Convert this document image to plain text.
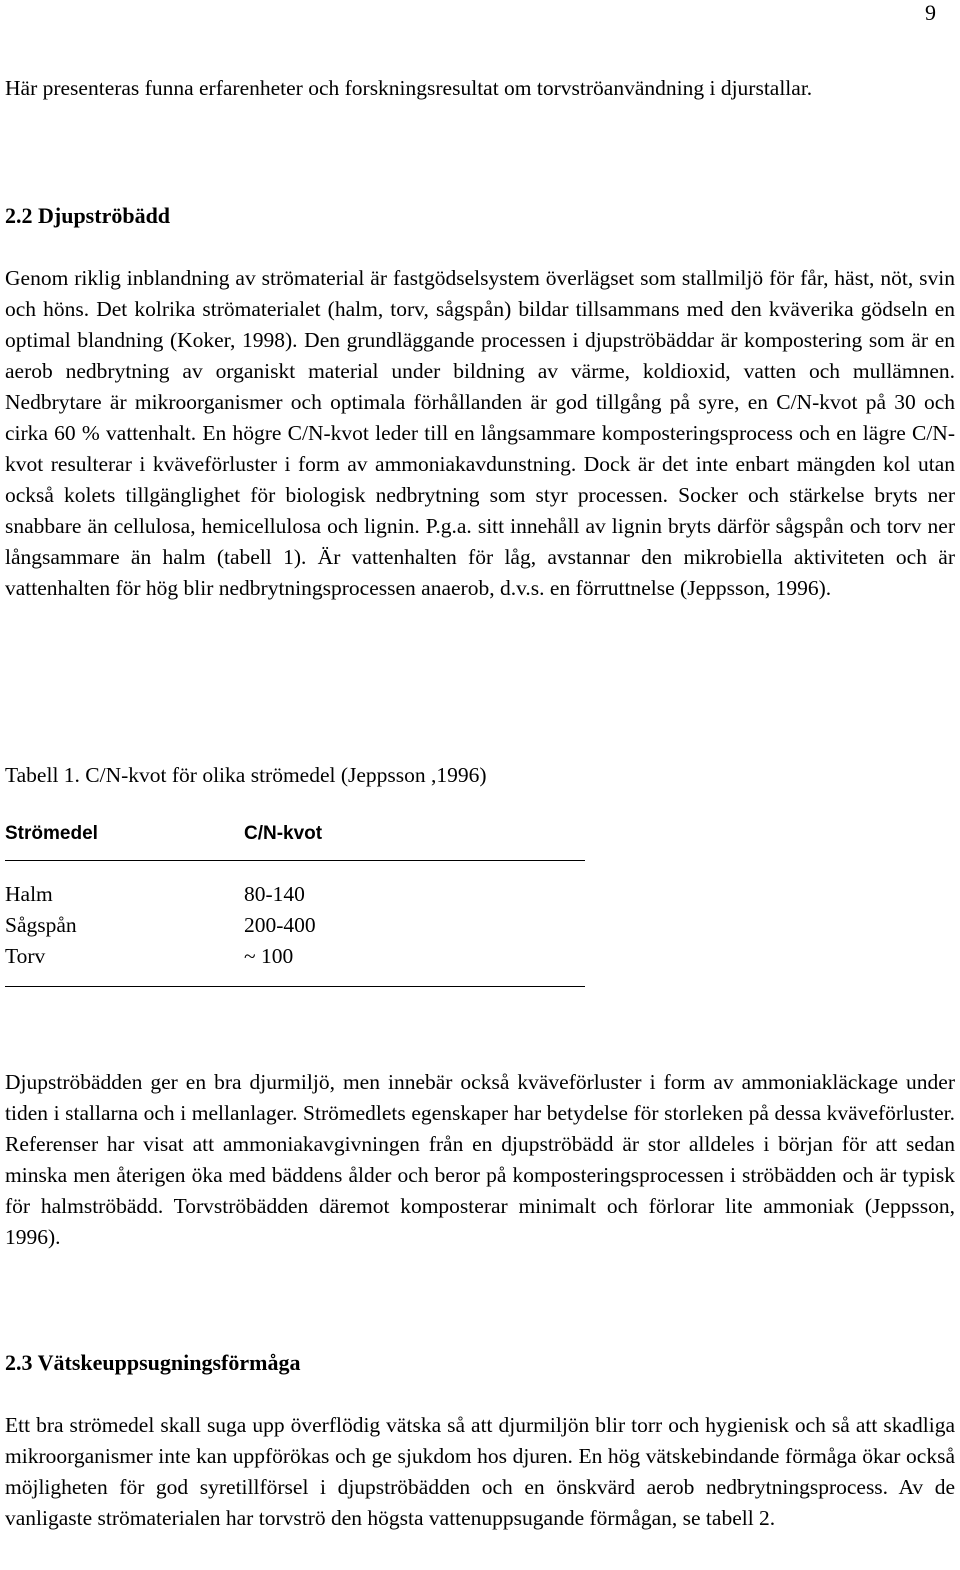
9

Här presenteras funna erfarenheter och forskningsresultat om torvströanvändning i djurstallar.

2.2 Djupströbädd

Genom riklig inblandning av strömaterial är fastgödselsystem överlägset som stallmiljö för får, häst, nöt, svin och höns. Det kolrika strömaterialet (halm, torv, sågspån) bildar tillsammans med den kväverika gödseln en optimal blandning (Koker, 1998). Den grundläggande processen i djupströbäddar är kompostering som är en aerob nedbrytning av organiskt material under bildning av värme, koldioxid, vatten och mullämnen. Nedbrytare är mikroorganismer och optimala förhållanden är god tillgång på syre, en C/N-kvot på 30 och cirka 60 % vattenhalt. En högre C/N-kvot leder till en långsammare komposteringsprocess och en lägre C/N-kvot resulterar i kväveförluster i form av ammoniakavdunstning. Dock är det inte enbart mängden kol utan också kolets tillgänglighet för biologisk nedbrytning som styr processen. Socker och stärkelse bryts ner snabbare än cellulosa, hemicellulosa och lignin. P.g.a. sitt innehåll av lignin bryts därför sågspån och torv ner långsammare än halm (tabell 1). Är vattenhalten för låg, avstannar den mikrobiella aktiviteten och är vattenhalten för hög blir nedbrytningsprocessen anaerob, d.v.s. en förruttnelse (Jeppsson, 1996).

Tabell 1. C/N-kvot för olika strömedel (Jeppsson ,1996)

Strömedel	C/N-kvot
Halm	80-140
Sågspån	200-400
Torv	~ 100

Djupströbädden ger en bra djurmiljö, men innebär också kväveförluster i form av ammoniakläckage under tiden i stallarna och i mellanlager. Strömedlets egenskaper har betydelse för storleken på dessa kväveförluster. Referenser har visat att ammoniakavgivningen från en djupströbädd är stor alldeles i början för att sedan minska men återigen öka med bäddens ålder och beror på komposteringsprocessen i ströbädden och är typisk för halmströbädd. Torvströbädden däremot komposterar minimalt och förlorar lite ammoniak (Jeppsson, 1996).

2.3 Vätskeuppsugningsförmåga

Ett bra strömedel skall suga upp överflödig vätska så att djurmiljön blir torr och hygienisk och så att skadliga mikroorganismer inte kan uppförökas och ge sjukdom hos djuren. En hög vätskebindande förmåga ökar också möjligheten för god syretillförsel i djupströbädden och en önskvärd aerob nedbrytningsprocess. Av de vanligaste strömaterialen har torvströ den högsta vattenuppsugande förmågan, se tabell 2.
